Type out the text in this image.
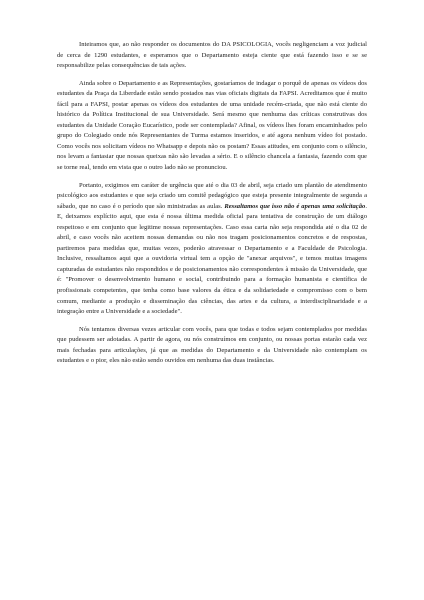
Inteiramos que, ao não responder os documentos do DA PSICOLOGIA, vocês negligenciam a voz judicial de cerca de 1290 estudantes, e esperamos que o Departamento esteja ciente que está fazendo isso e se se responsabilize pelas consequências de tais ações.

Ainda sobre o Departamento e as Representações, gostaríamos de indagar o porquê de apenas os vídeos dos estudantes da Praça da Liberdade estão sendo postados nas vias oficiais digitais da FAPSI. Acreditamos que é muito fácil para a FAPSI, postar apenas os vídeos dos estudantes de uma unidade recém-criada, que não está ciente do histórico da Política Institucional de sua Universidade. Será mesmo que nenhuma das críticas construtivas dos estudantes da Unidade Coração Eucarístico, pode ser contemplada? Afinal, os vídeos lhes foram encaminhados pelo grupo do Colegiado onde nós Representantes de Turma estamos inseridos, e até agora nenhum vídeo foi postado. Como vocês nos solicitam vídeos no Whatsapp e depois não os postam? Essas atitudes, em conjunto com o silêncio, nos levam a fantasiar que nossas queixas não são levadas a sério. E o silêncio chancela a fantasia, fazendo com que se torne real, tendo em vista que o outro lado não se pronunciou.

Portanto, exigimos em caráter de urgência que até o dia 03 de abril, seja criado um plantão de atendimento psicológico aos estudantes e que seja criado um comitê pedagógico que esteja presente integralmente de segunda a sábado, que no caso é o período que são ministradas as aulas. Ressaltamos que isso não é apenas uma solicitação. E, deixamos explícito aqui, que esta é nossa última medida oficial para tentativa de construção de um diálogo respeitoso e em conjunto que legitime nossas representações. Caso essa carta não seja respondida até o dia 02 de abril, e caso vocês não aceitem nossas demandas ou não nos tragam posicionamentos concretos e de respostas, partiremos para medidas que, muitas vezes, poderão atravessar o Departamento e a Faculdade de Psicologia. Inclusive, ressaltamos aqui que a ouvidoria virtual tem a opção de "anexar arquivos", e temos muitas imagens capturadas de estudantes não respondidos e de posicionamentos não correspondentes à missão da Universidade, que é: "Promover o desenvolvimento humano e social, contribuindo para a formação humanista e científica de profissionais competentes, que tenha como base valores da ética e da solidariedade e compromisso com o bem comum, mediante a produção e disseminação das ciências, das artes e da cultura, a interdisciplinaridade e a integração entre a Universidade e a sociedade".

Nós tentamos diversas vezes articular com vocês, para que todas e todos sejam contemplados por medidas que pudessem ser adotadas. A partir de agora, ou nós construímos em conjunto, ou nossas portas estarão cada vez mais fechadas para articulações, já que as medidas do Departamento e da Universidade não contemplam os estudantes e o pior, eles não estão sendo ouvidos em nenhuma das duas instâncias.
